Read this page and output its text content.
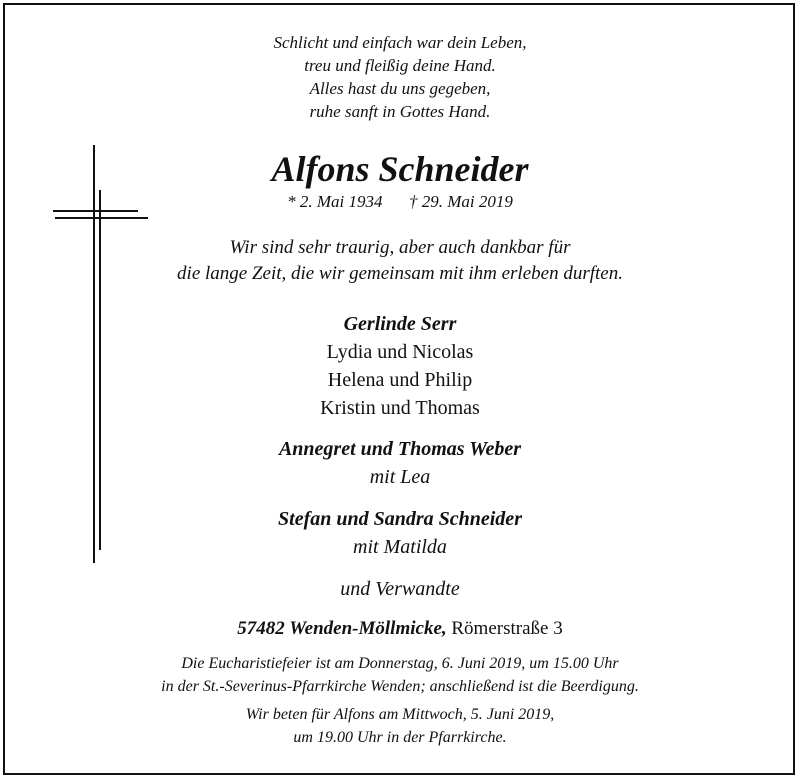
Schlicht und einfach war dein Leben,
treu und fleißig deine Hand.
Alles hast du uns gegeben,
ruhe sanft in Gottes Hand.
Alfons Schneider
* 2. Mai 1934 † 29. Mai 2019
Wir sind sehr traurig, aber auch dankbar für
die lange Zeit, die wir gemeinsam mit ihm erleben durften.
Gerlinde Serr
Lydia und Nicolas
Helena und Philip
Kristin und Thomas
Annegret und Thomas Weber
mit Lea
Stefan und Sandra Schneider
mit Matilda
und Verwandte
57482 Wenden-Möllmicke, Römerstraße 3
Die Eucharistiefeier ist am Donnerstag, 6. Juni 2019, um 15.00 Uhr
in der St.-Severinus-Pfarrkirche Wenden; anschließend ist die Beerdigung.
Wir beten für Alfons am Mittwoch, 5. Juni 2019,
um 19.00 Uhr in der Pfarrkirche.
